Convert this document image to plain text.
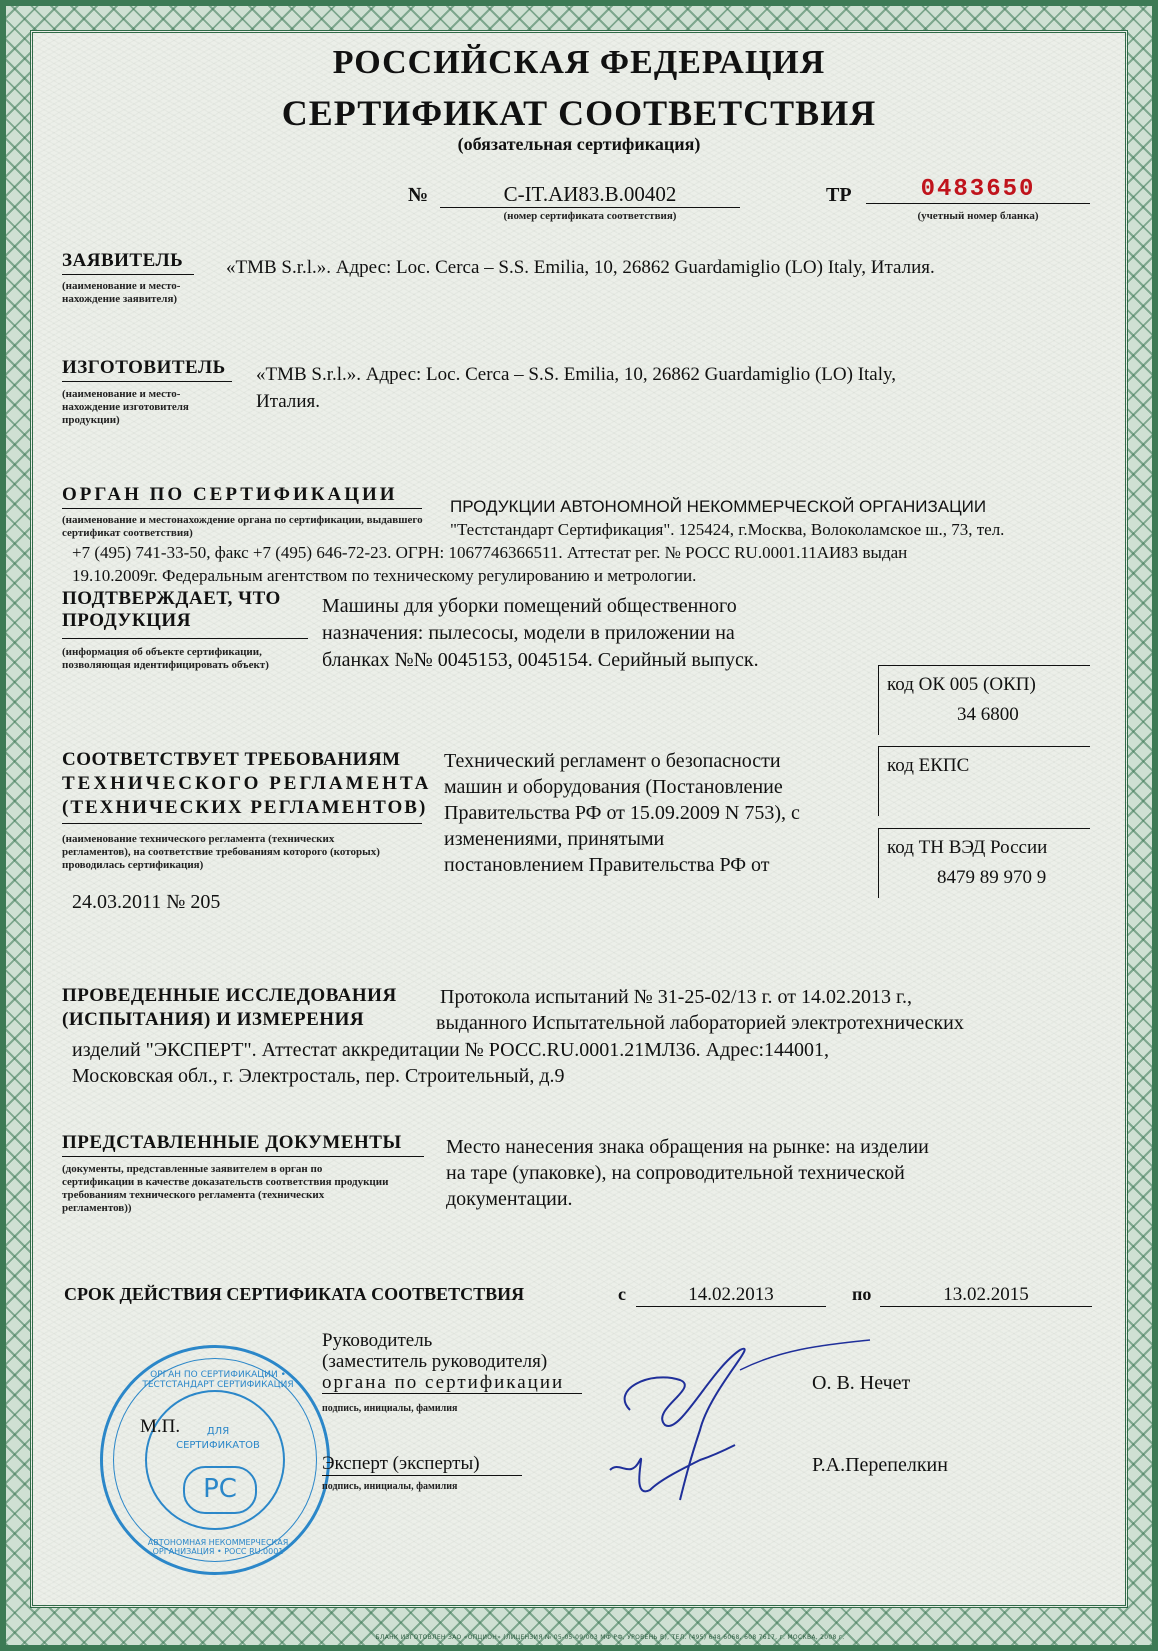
РОССИЙСКАЯ ФЕДЕРАЦИЯ
СЕРТИФИКАТ СООТВЕТСТВИЯ
(обязательная сертификация)
№	C-IT.АИ83.В.00402
(номер сертификата соответствия)
ТР	0483650
(учетный номер бланка)
ЗАЯВИТЕЛЬ
(наименование и место-нахождение заявителя)
«TMB S.r.l.». Адрес: Loc. Cerca – S.S. Emilia, 10, 26862 Guardamiglio (LO) Italy, Италия.
ИЗГОТОВИТЕЛЬ
(наименование и место-нахождение изготовителя продукции)
«TMB S.r.l.». Адрес: Loc. Cerca – S.S. Emilia, 10, 26862 Guardamiglio (LO) Italy,
Италия.
ОРГАН ПО СЕРТИФИКАЦИИ
(наименование и местонахождение органа по сертификации, выдавшего сертификат соответствия)
ПРОДУКЦИИ АВТОНОМНОЙ НЕКОММЕРЧЕСКОЙ ОРГАНИЗАЦИИ
"Тестстандарт Сертификация". 125424, г.Москва, Волоколамское ш., 73, тел.
+7 (495) 741-33-50, факс +7 (495) 646-72-23. ОГРН: 1067746366511. Аттестат рег. № РОСС RU.0001.11АИ83 выдан
19.10.2009г. Федеральным агентством по техническому регулированию и метрологии.
ПОДТВЕРЖДАЕТ, ЧТО
ПРОДУКЦИЯ
(информация об объекте сертификации, позволяющая идентифицировать объект)
Машины для уборки помещений общественного
назначения: пылесосы, модели в приложении на
бланках №№ 0045153, 0045154. Серийный выпуск.
код ОК 005 (ОКП)
34 6800
код ЕКПС
код ТН ВЭД России
8479 89 970 9
СООТВЕТСТВУЕТ ТРЕБОВАНИЯМ
ТЕХНИЧЕСКОГО РЕГЛАМЕНТА
(ТЕХНИЧЕСКИХ РЕГЛАМЕНТОВ)
(наименование технического регламента (технических регламентов), на соответствие требованиям которого (которых) проводилась сертификация)
Технический регламент о безопасности
машин и оборудования (Постановление
Правительства РФ от 15.09.2009 N 753), с
изменениями, принятыми
постановлением Правительства РФ от
24.03.2011 № 205
ПРОВЕДЕННЫЕ ИССЛЕДОВАНИЯ
(ИСПЫТАНИЯ) И ИЗМЕРЕНИЯ
Протокола испытаний № 31-25-02/13 г. от 14.02.2013 г.,
выданного Испытательной лабораторией электротехнических
изделий "ЭКСПЕРТ". Аттестат аккредитации № РОСС.RU.0001.21МЛ36. Адрес:144001,
Московская обл., г. Электросталь, пер. Строительный, д.9
ПРЕДСТАВЛЕННЫЕ ДОКУМЕНТЫ
(документы, представленные заявителем в орган по сертификации в качестве доказательств соответствия продукции требованиям технического регламента (технических регламентов))
Место нанесения знака обращения на рынке: на изделии
на таре (упаковке), на сопроводительной технической
документации.
СРОК ДЕЙСТВИЯ СЕРТИФИКАТА СООТВЕТСТВИЯ	с	14.02.2013	по	13.02.2015
ОРГАН ПО СЕРТИФИКАЦИИ • ТЕСТСТАНДАРТ СЕРТИФИКАЦИЯ
ДЛЯ
СЕРТИФИКАТОВ
РС
АВТОНОМНАЯ НЕКОММЕРЧЕСКАЯ ОРГАНИЗАЦИЯ • РОСС RU.0001
М.П.
Руководитель
(заместитель руководителя)
органа по сертификации
подпись, инициалы, фамилия
Эксперт (эксперты)
подпись, инициалы, фамилия
О. В. Нечет
Р.А.Перепелкин
БЛАНК ИЗГОТОВЛЕН ЗАО «ОПЦИОН» (ЛИЦЕНЗИЯ № 05-05-09/003 МФ РФ, УРОВЕНЬ В), ТЕЛ. (495) 648 6068, 608 7617, г. МОСКВА, 2008 г.
